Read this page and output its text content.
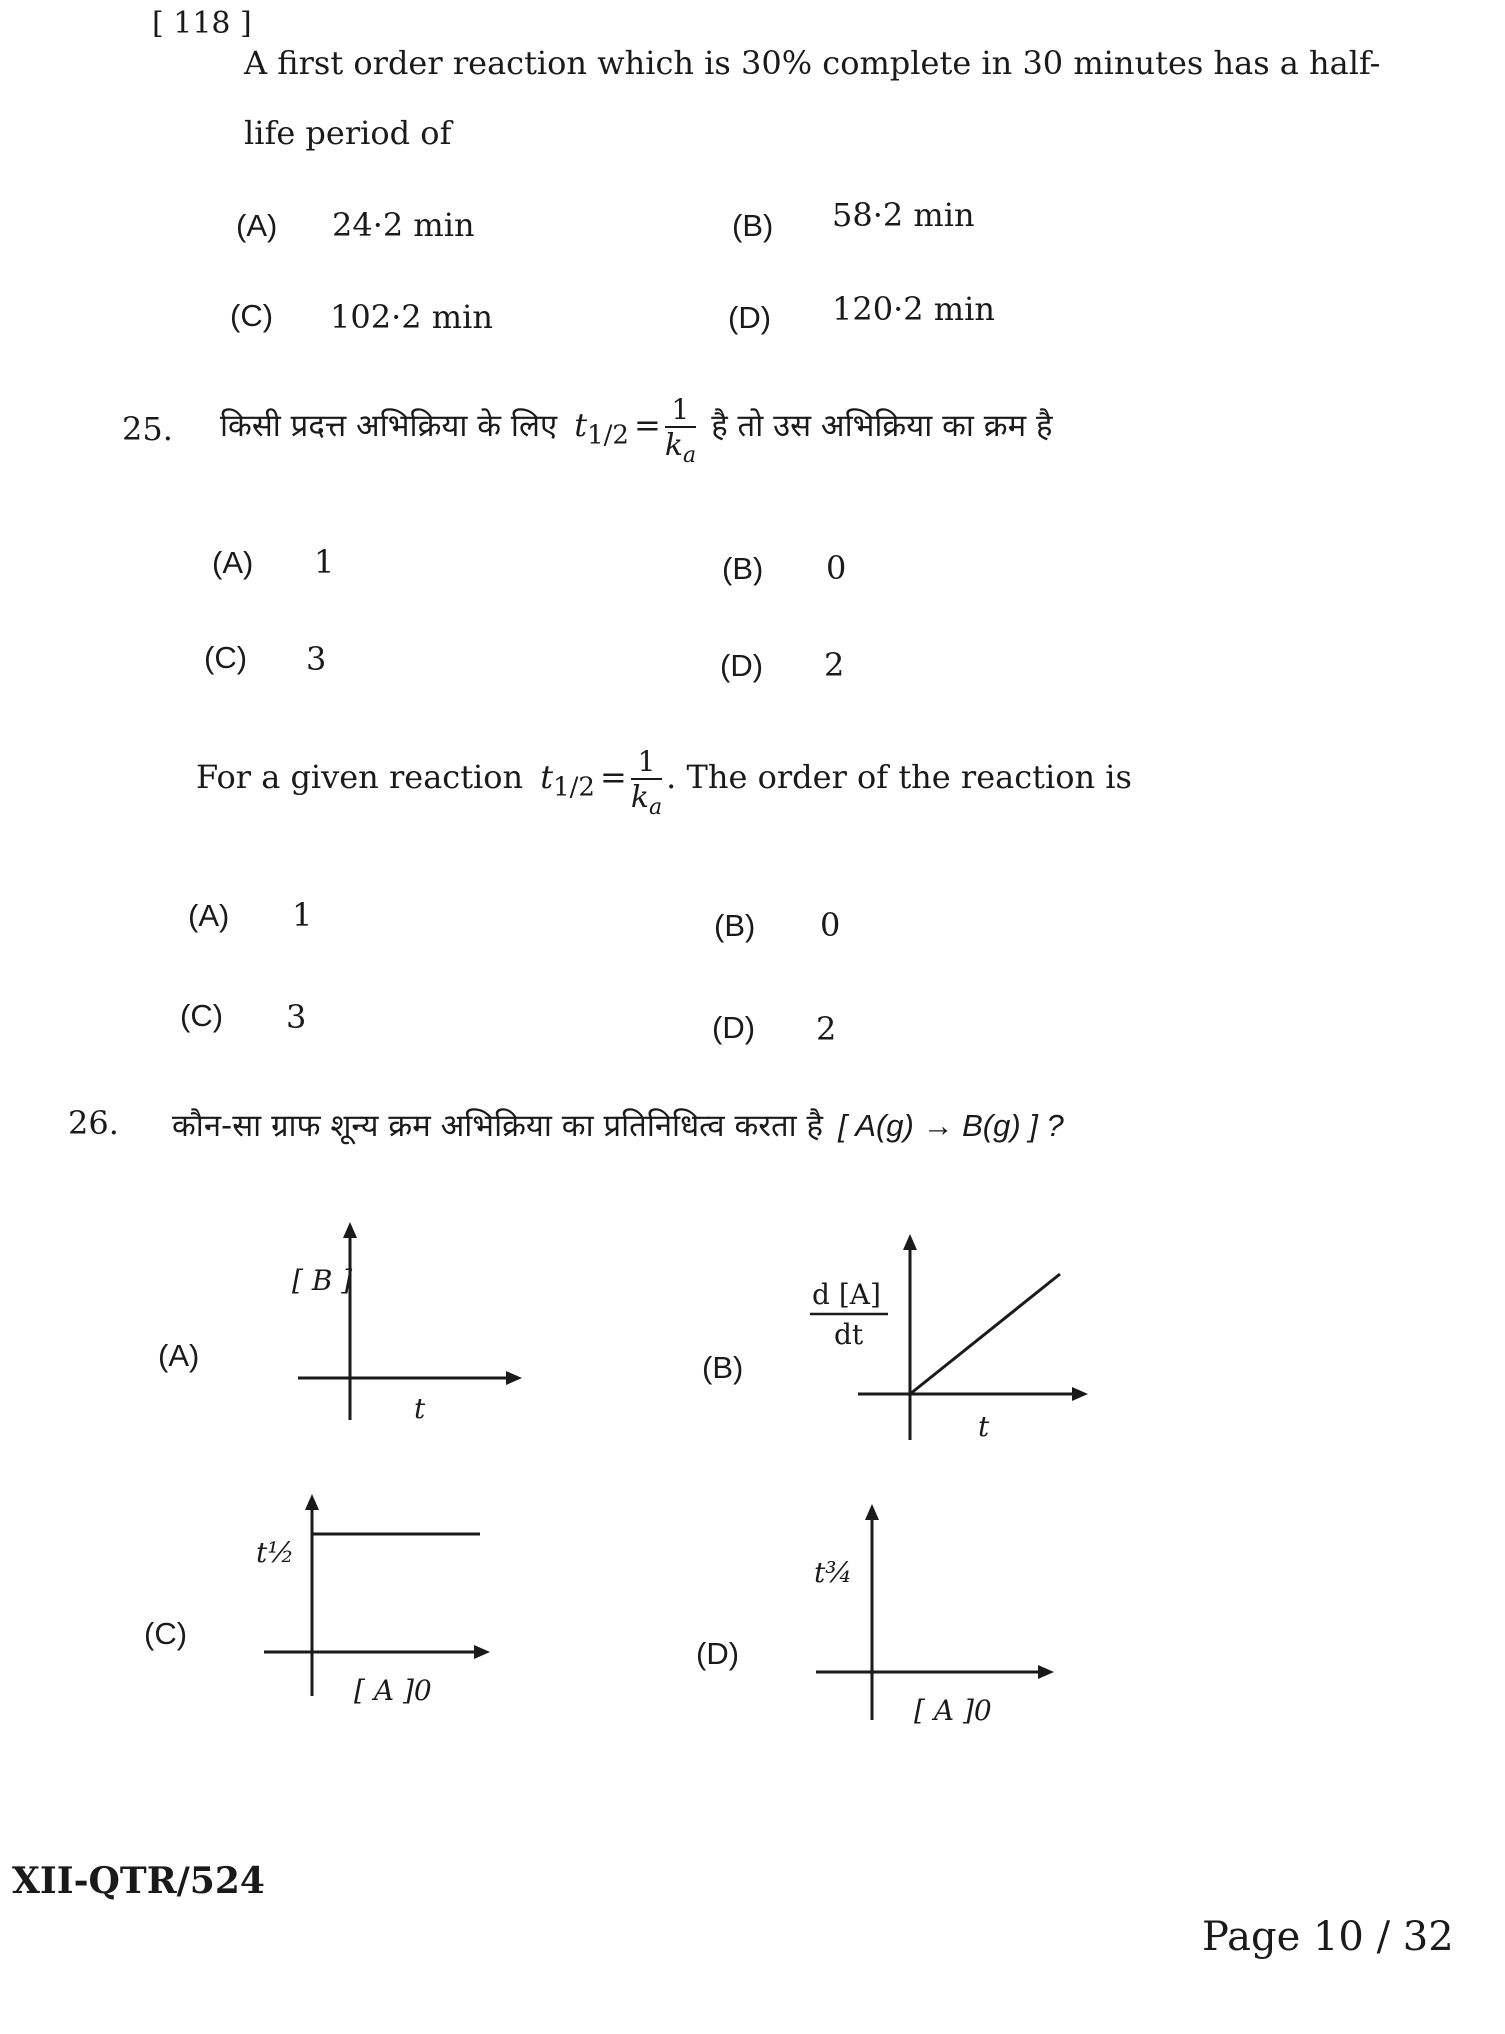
[ 118 ]
A first order reaction which is 30% complete in 30 minutes has a half-
life period of
(A) 24·2 min	(B) 58·2 min
(C) 102·2 min	(D) 120·2 min
25. किसी प्रदत्त अभिक्रिया के लिए $t_{1/2} = \frac{1}{k_a}$ है तो उस अभिक्रिया का क्रम है
(A) 1	(B) 0
(C) 3	(D) 2
For a given reaction $t_{1/2} = \frac{1}{k_a}$ . The order of the reaction is
(A) 1	(B) 0
(C) 3	(D) 2
26. कौन-सा ग्राफ शून्य क्रम अभिक्रिया का प्रतिनिधित्व करता है [ A(g) → B(g) ] ?
(A)
[ B ]
t
(B)
d [A]
dt
t
(C)
t½
[ A ]0
(D)
t¾
[ A ]0
XII-QTR/524
Page 10 / 32
